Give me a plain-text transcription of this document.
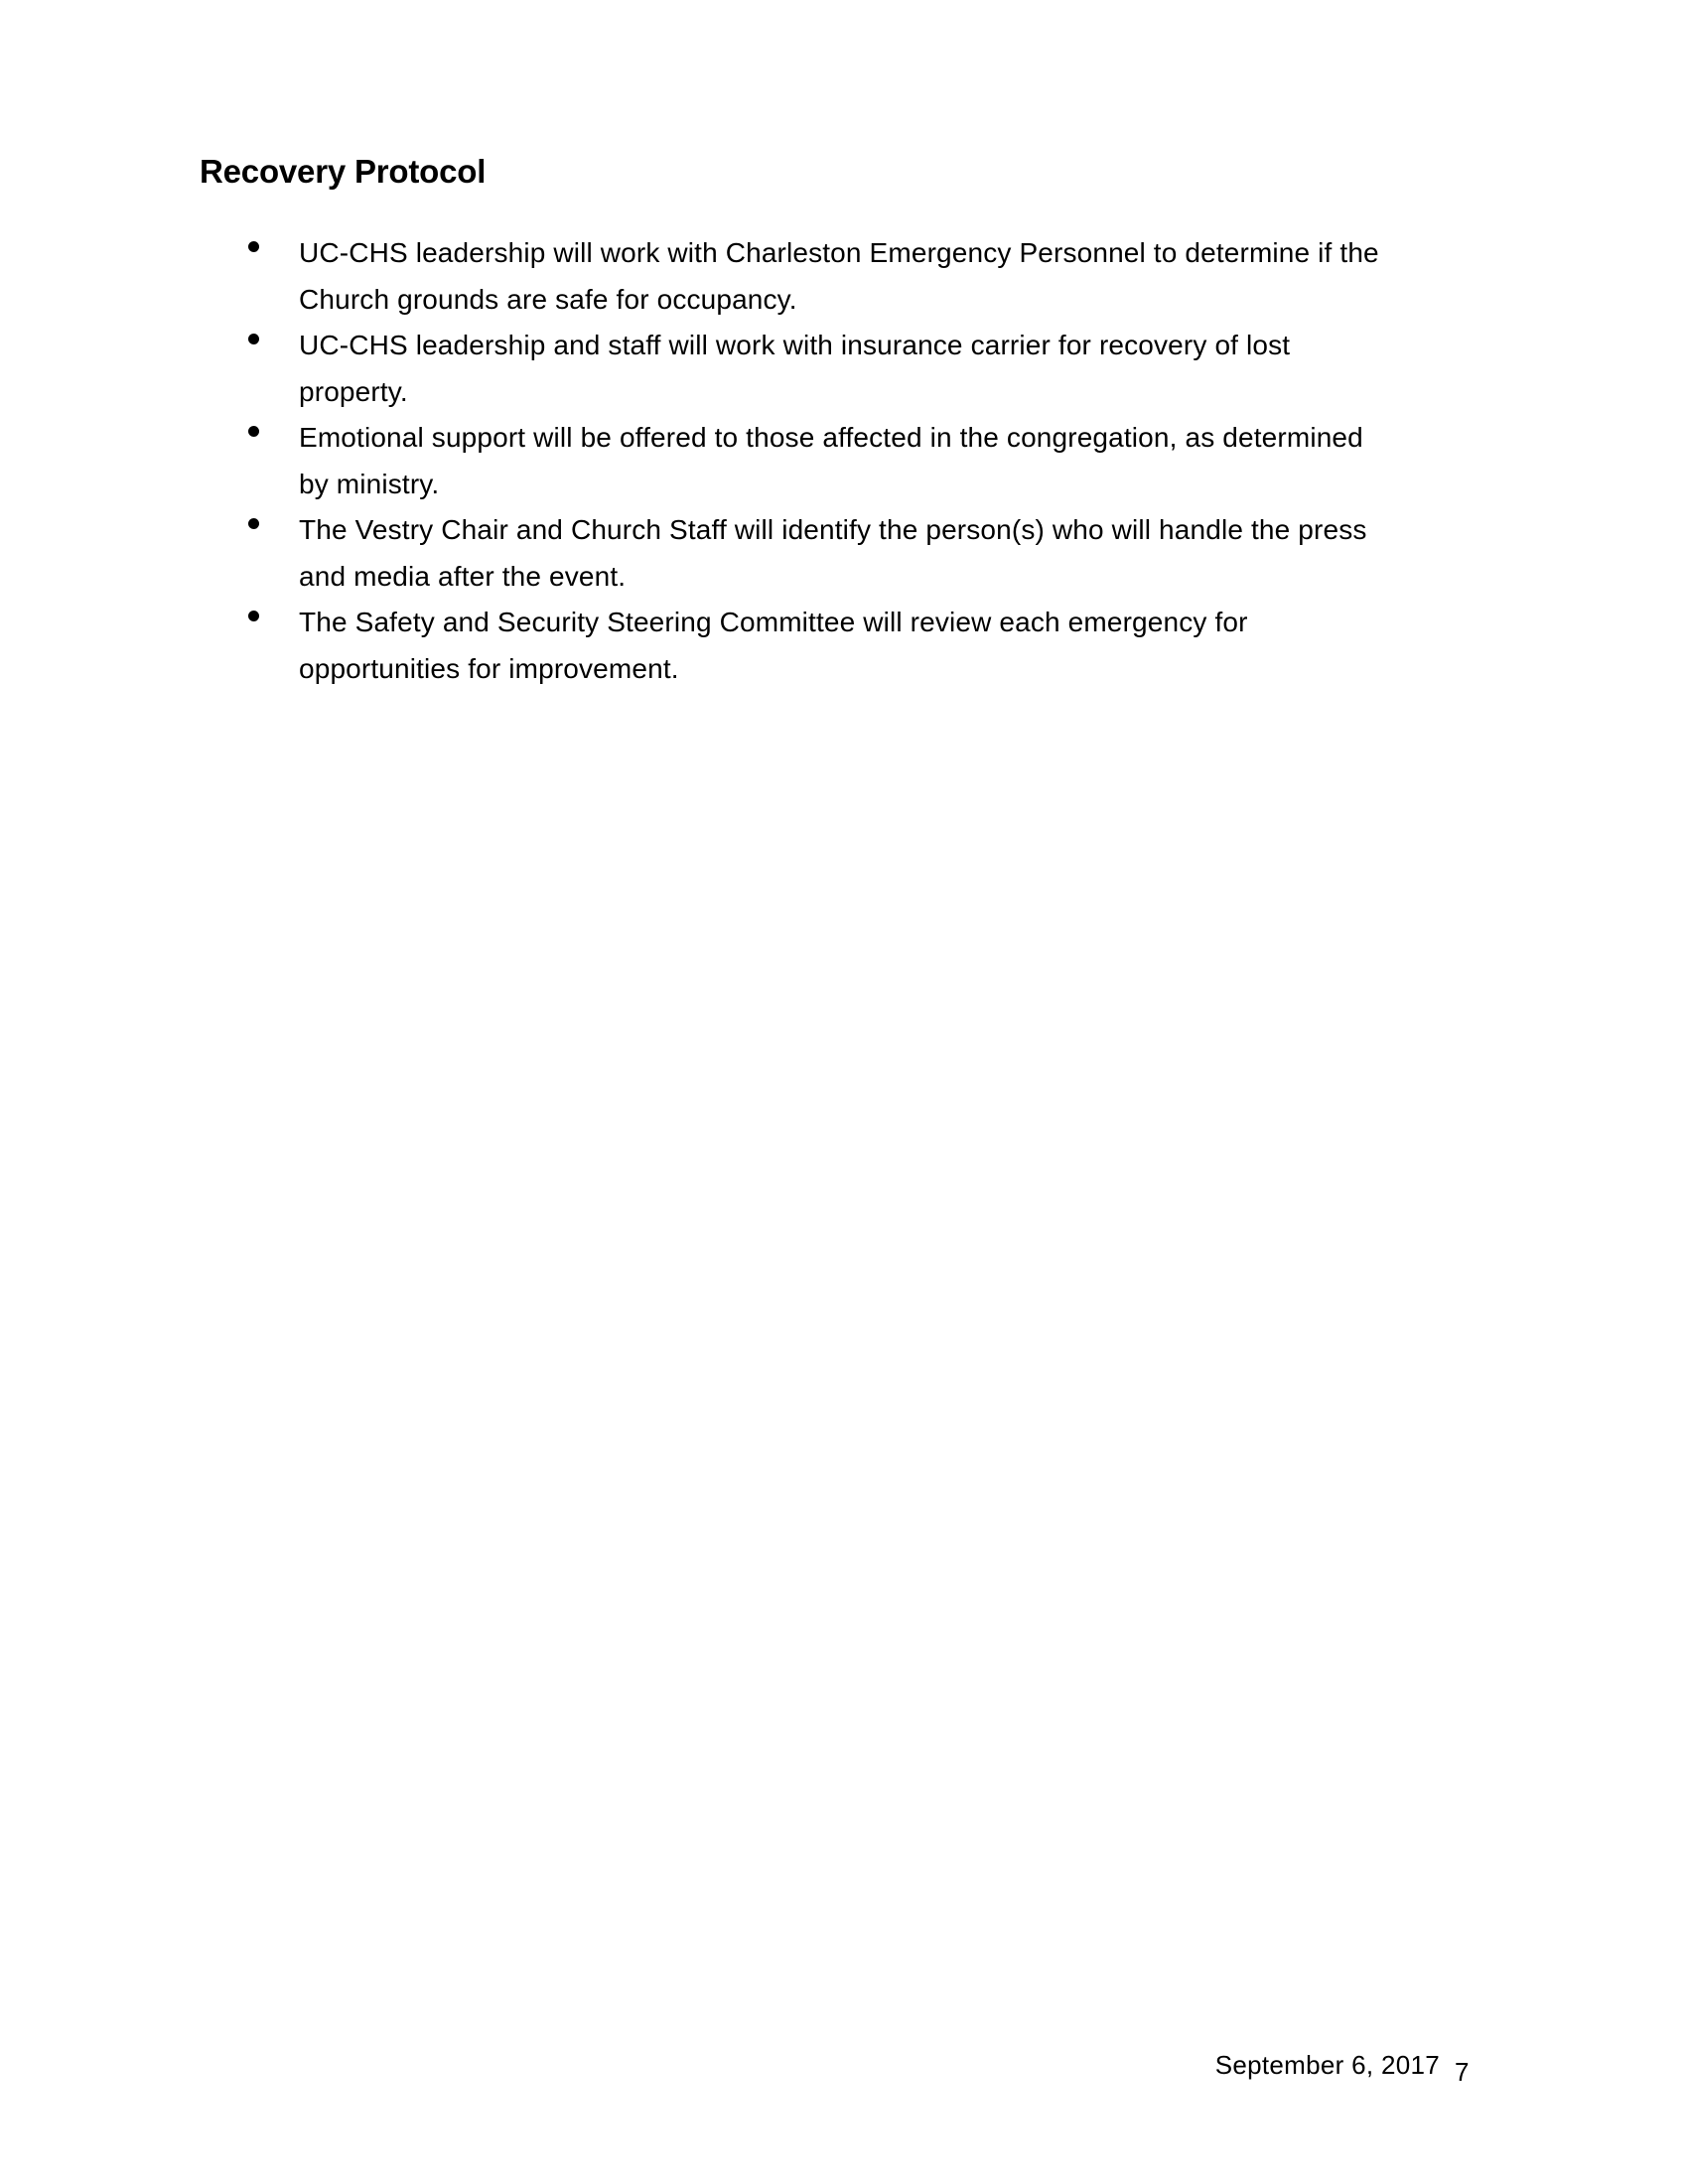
Recovery Protocol
UC-CHS leadership will work with Charleston Emergency Personnel to determine if the
Church grounds are safe for occupancy.
UC-CHS leadership and staff will work with insurance carrier for recovery of lost
property.
Emotional support will be offered to those affected in the congregation, as determined
by ministry.
The Vestry Chair and Church Staff will identify the person(s) who will handle the press
and media after the event.
The Safety and Security Steering Committee will review each emergency for
opportunities for improvement.
September 6, 2017 7
